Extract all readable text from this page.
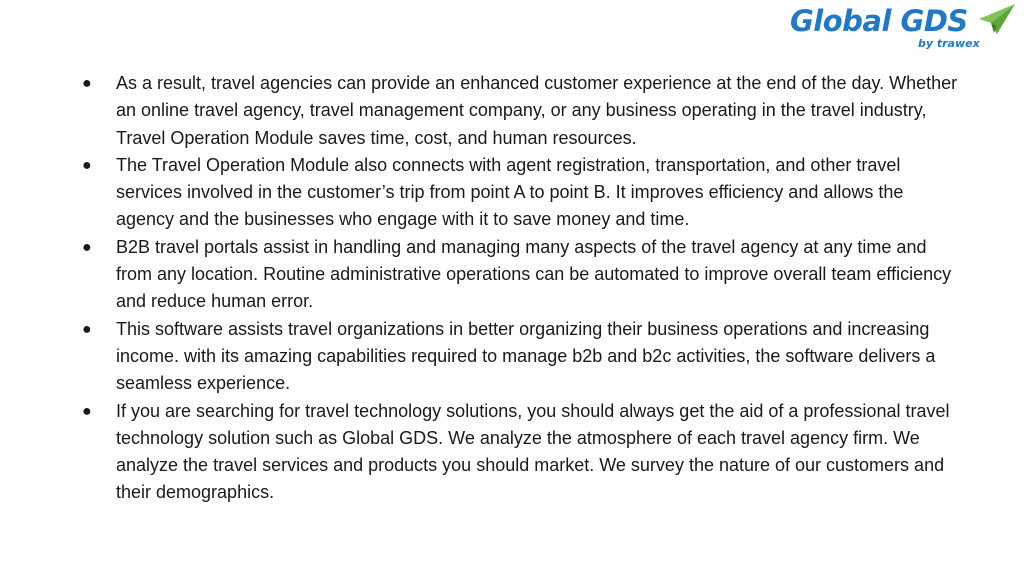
Global GDS
by trawex
● As a result, travel agencies can provide an enhanced customer experience at the end of the day. Whether an online travel agency, travel management company, or any business operating in the travel industry, Travel Operation Module saves time, cost, and human resources.
● The Travel Operation Module also connects with agent registration, transportation, and other travel services involved in the customer’s trip from point A to point B. It improves efficiency and allows the agency and the businesses who engage with it to save money and time.
● B2B travel portals assist in handling and managing many aspects of the travel agency at any time and from any location. Routine administrative operations can be automated to improve overall team efficiency and reduce human error.
● This software assists travel organizations in better organizing their business operations and increasing income. with its amazing capabilities required to manage b2b and b2c activities, the software delivers a seamless experience.
● If you are searching for travel technology solutions, you should always get the aid of a professional travel technology solution such as Global GDS. We analyze the atmosphere of each travel agency firm. We analyze the travel services and products you should market. We survey the nature of our customers and their demographics.
